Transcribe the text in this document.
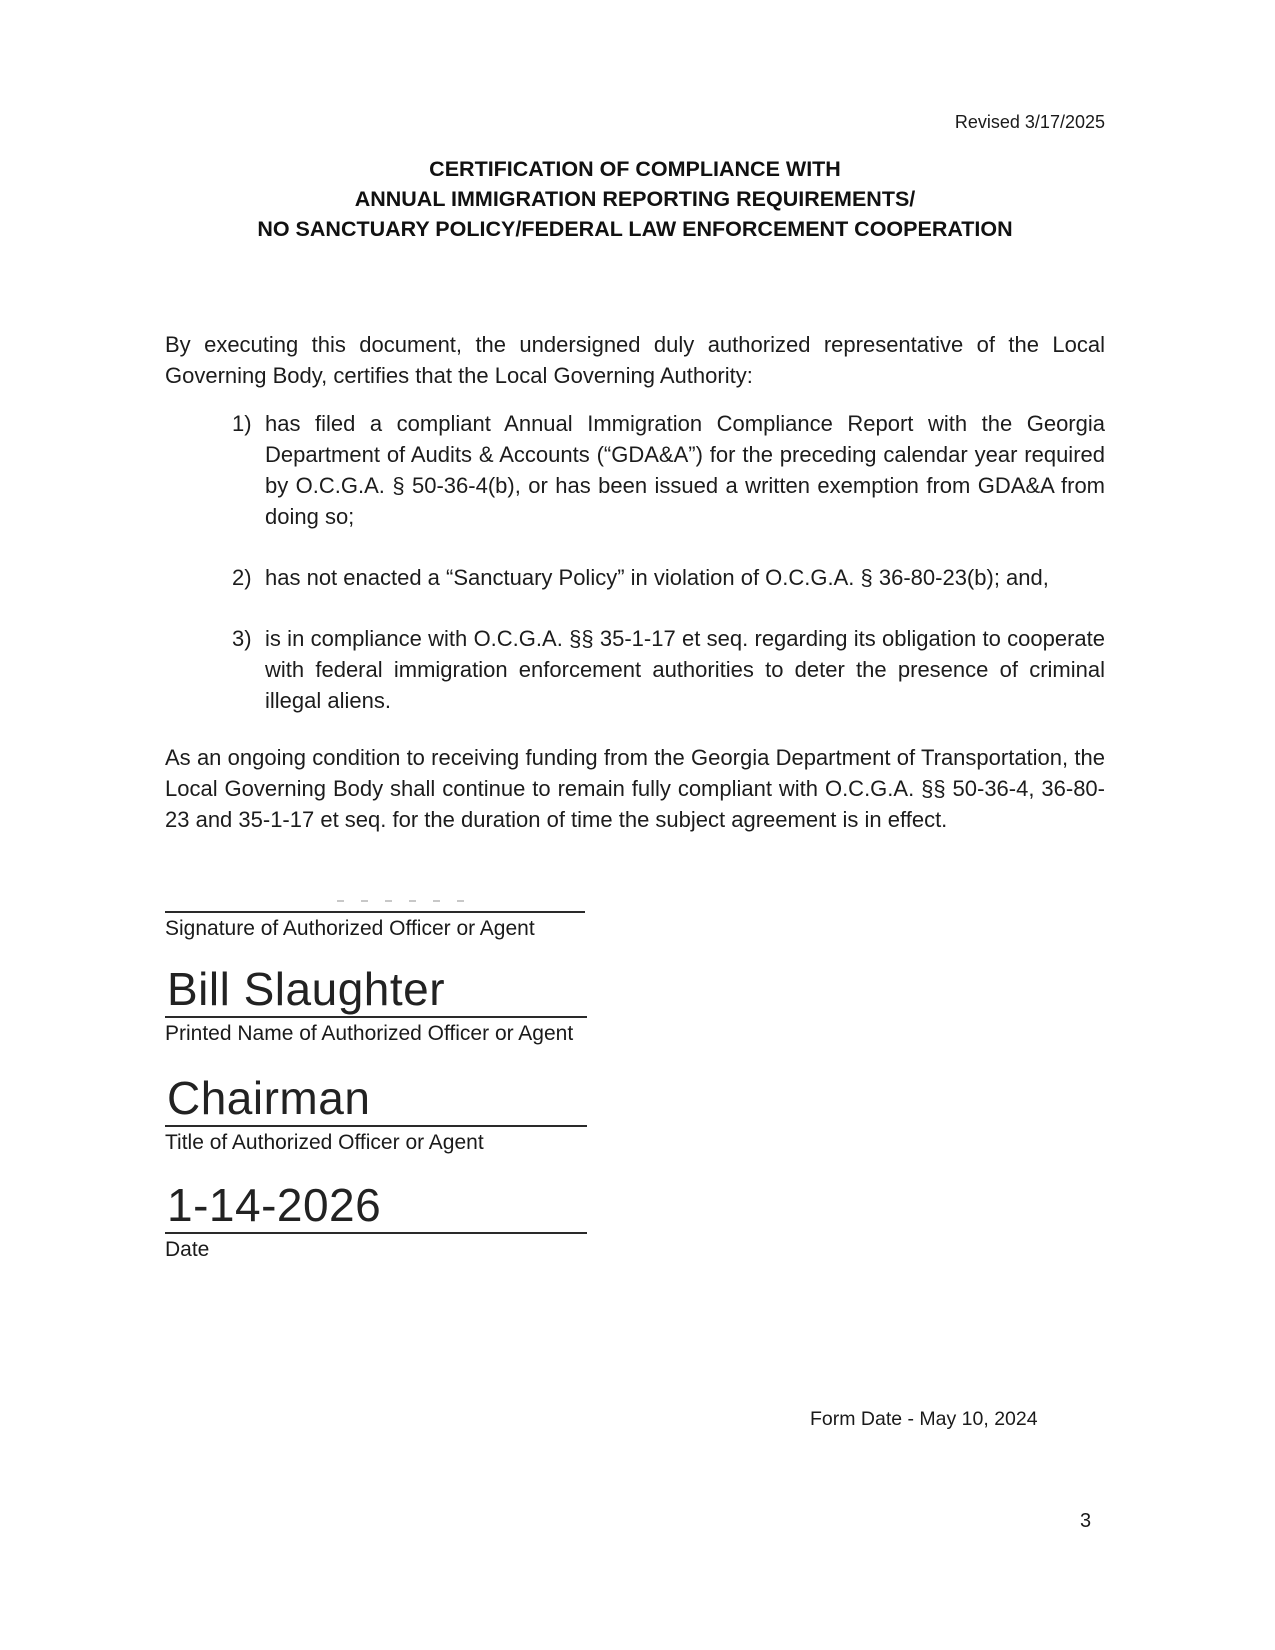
Revised 3/17/2025
CERTIFICATION OF COMPLIANCE WITH
ANNUAL IMMIGRATION REPORTING REQUIREMENTS/
NO SANCTUARY POLICY/FEDERAL LAW ENFORCEMENT COOPERATION

By executing this document, the undersigned duly authorized representative of the Local Governing Body, certifies that the Local Governing Authority:

1) has filed a compliant Annual Immigration Compliance Report with the Georgia Department of Audits & Accounts (“GDA&A”) for the preceding calendar year required by O.C.G.A. § 50-36-4(b), or has been issued a written exemption from GDA&A from doing so;
2) has not enacted a “Sanctuary Policy” in violation of O.C.G.A. § 36-80-23(b); and,
3) is in compliance with O.C.G.A. §§ 35-1-17 et seq. regarding its obligation to cooperate with federal immigration enforcement authorities to deter the presence of criminal illegal aliens.

As an ongoing condition to receiving funding from the Georgia Department of Transportation, the Local Governing Body shall continue to remain fully compliant with O.C.G.A. §§ 50-36-4, 36-80-23 and 35-1-17 et seq. for the duration of time the subject agreement is in effect.

Signature of Authorized Officer or Agent
Bill Slaughter
Printed Name of Authorized Officer or Agent
Chairman
Title of Authorized Officer or Agent
1-14-2026
Date
Form Date - May 10, 2024
3
